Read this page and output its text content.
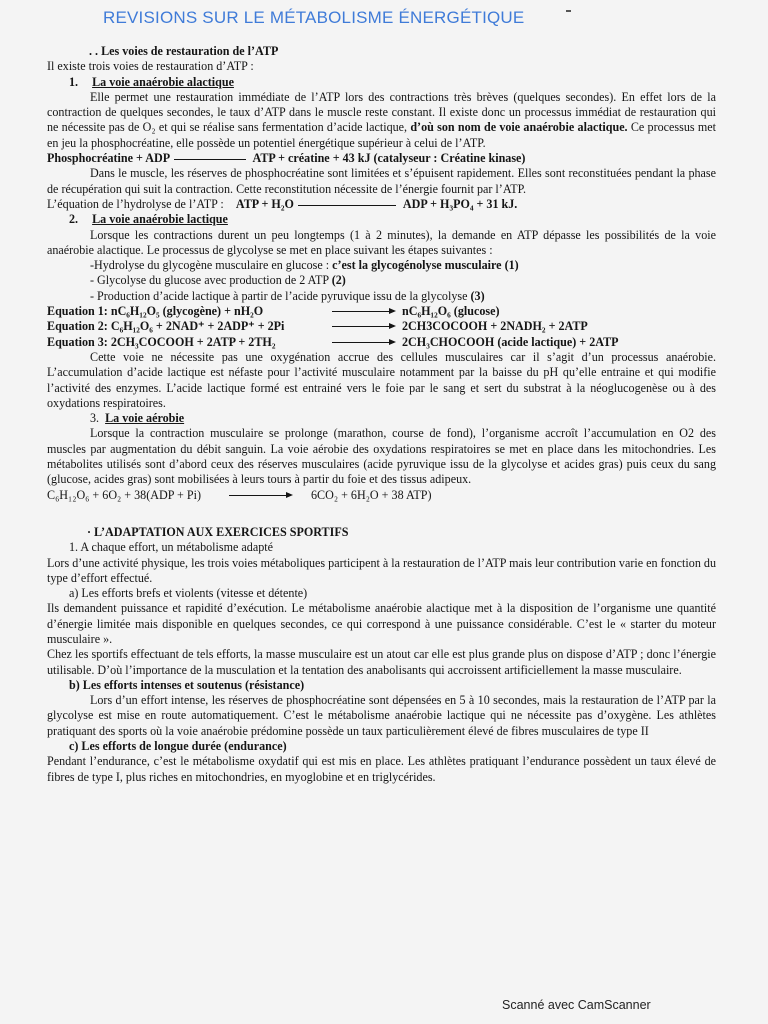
REVISIONS SUR LE MÉTABOLISME ÉNERGÉTIQUE

. . Les voies de restauration de l’ATP

Il existe trois voies de restauration d’ATP :

1. La voie anaérobie alactique

Elle permet une restauration immédiate de l’ATP lors des contractions très brèves (quelques secondes). En effet lors de la contraction de quelques secondes, le taux d’ATP dans le muscle reste constant. Il existe donc un processus immédiat de restauration qui ne nécessite pas de O₂ et qui se réalise sans fermentation d’acide lactique, d’où son nom de voie anaérobie alactique. Ce processus met en jeu la phosphocréatine, elle possède un potentiel énergétique supérieur à celui de l’ATP.

Phosphocréatine + ADP	ATP + créatine + 43 kJ (catalyseur : Créatine kinase)

Dans le muscle, les réserves de phosphocréatine sont limitées et s’épuisent rapidement. Elles sont reconstituées pendant la phase de récupération qui suit la contraction. Cette reconstitution nécessite de l’énergie fournit par l’ATP.

L’équation de l’hydrolyse de l’ATP : ATP + H₂O	ADP + H₃PO₄ + 31 kJ.

2. La voie anaérobie lactique

Lorsque les contractions durent un peu longtemps (1 à 2 minutes), la demande en ATP dépasse les possibilités de la voie anaérobie alactique. Le processus de glycolyse se met en place suivant les étapes suivantes :

-Hydrolyse du glycogène musculaire en glucose : c’est la glycogénolyse musculaire (1)

- Glycolyse du glucose avec production de 2 ATP (2)

- Production d’acide lactique à partir de l’acide pyruvique issu de la glycolyse (3)

Equation 1: nC₆H₁₂O₅ (glycogène) + nH₂O	nC₆H₁₂O₆ (glucose)
Equation 2: C₆H₁₂O₆ + 2NAD⁺ + 2ADP⁺ + 2Pi	2CH3COCOOH + 2NADH₂ + 2ATP
Equation 3: 2CH₃COCOOH + 2ATP + 2TH₂	2CH₃CHOCOOH (acide lactique) + 2ATP

Cette voie ne nécessite pas une oxygénation accrue des cellules musculaires car il s’agit d’un processus anaérobie. L’accumulation d’acide lactique est néfaste pour l’activité musculaire notamment par la baisse du pH qu’elle entraine et qui modifie l’activité des enzymes. L’acide lactique formé est entrainé vers le foie par le sang et sert du substrat à la néoglucogenèse ou à des oxydations respiratoires.

3. La voie aérobie

Lorsque la contraction musculaire se prolonge (marathon, course de fond), l’organisme accroît l’accumulation en O2 des muscles par augmentation du débit sanguin. La voie aérobie des oxydations respiratoires se met en place dans les mitochondries. Les métabolites utilisés sont d’abord ceux des réserves musculaires (acide pyruvique issu de la glycolyse et acides gras) puis ceux du sang (glucose, acides gras) sont mobilisées à leurs tours à partir du foie et des tissus adipeux.

C₆H₁₂O₆ + 6O₂ + 38(ADP + Pi)	6CO₂ + 6H₂O + 38 ATP)

· L’ADAPTATION AUX EXERCICES SPORTIFS

1. A chaque effort, un métabolisme adapté

Lors d’une activité physique, les trois voies métaboliques participent à la restauration de l’ATP mais leur contribution varie en fonction du type d’effort effectué.

a) Les efforts brefs et violents (vitesse et détente)

Ils demandent puissance et rapidité d’exécution. Le métabolisme anaérobie alactique met à la disposition de l’organisme une quantité d’énergie limitée mais disponible en quelques secondes, ce qui correspond à une puissance considérable. C’est le « starter du moteur musculaire ».

Chez les sportifs effectuant de tels efforts, la masse musculaire est un atout car elle est plus grande plus on dispose d’ATP ; donc l’énergie utilisable. D’où l’importance de la musculation et la tentation des anabolisants qui accroissent artificiellement la masse musculaire.

b) Les efforts intenses et soutenus (résistance)

Lors d’un effort intense, les réserves de phosphocréatine sont dépensées en 5 à 10 secondes, mais la restauration de l’ATP par la glycolyse est mise en route automatiquement. C’est le métabolisme anaérobie lactique qui ne nécessite pas d’oxygène. Les athlètes pratiquant des sports où la voie anaérobie prédomine possède un taux particulièrement élevé de fibres musculaires de type II

c) Les efforts de longue durée (endurance)

Pendant l’endurance, c’est le métabolisme oxydatif qui est mis en place. Les athlètes pratiquant l’endurance possèdent un taux élevé de fibres de type I, plus riches en mitochondries, en myoglobine et en triglycérides.

Scanné avec CamScanner
